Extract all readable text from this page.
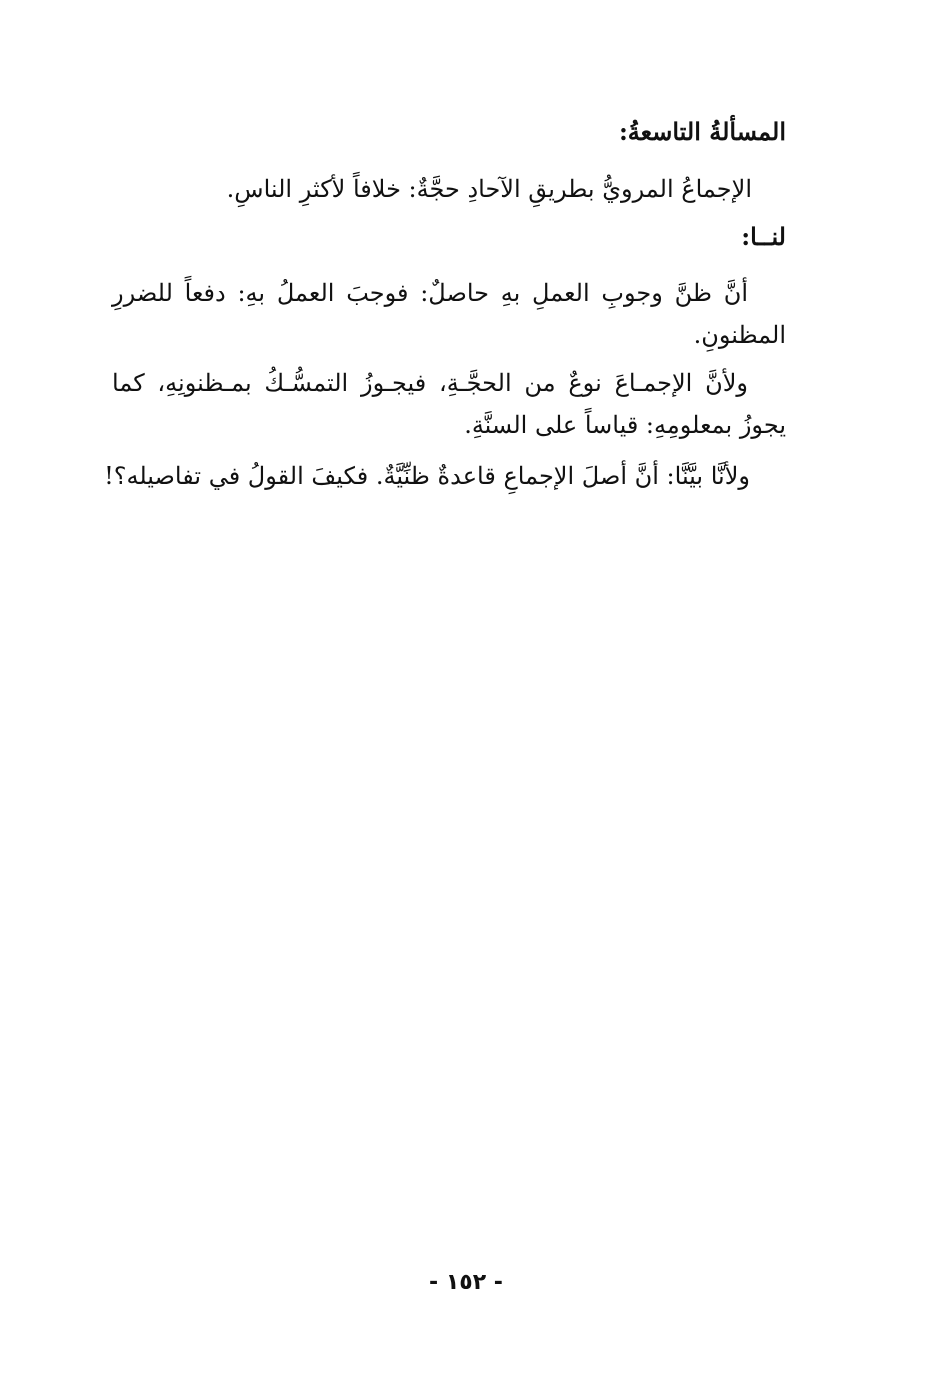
المسألةُ التاسعةُ:
الإجماعُ المرويُّ بطريقِ الآحادِ حجَّةٌ: خلافاً لأكثرِ الناسِ.
لنــا:
أنَّ ظنَّ وجوبِ العملِ بهِ حاصلٌ: فوجبَ العملُ بهِ: دفعاً للضررِ المظنونِ.
ولأنَّ الإجمـاعَ نوعٌ من الحجَّـةِ، فيجـوزُ التمسُّـكُ بمـظنونِهِ، كما يجوزُ بمعلومِهِ: قياساً على السنَّةِ.
ولأنَّا بيَّنَّا: أنَّ أصلَ الإجماعِ قاعدةٌ ظنِّيَّةٌ. فكيفَ القولُ في تفاصيله؟!
- ١٥٢ -
